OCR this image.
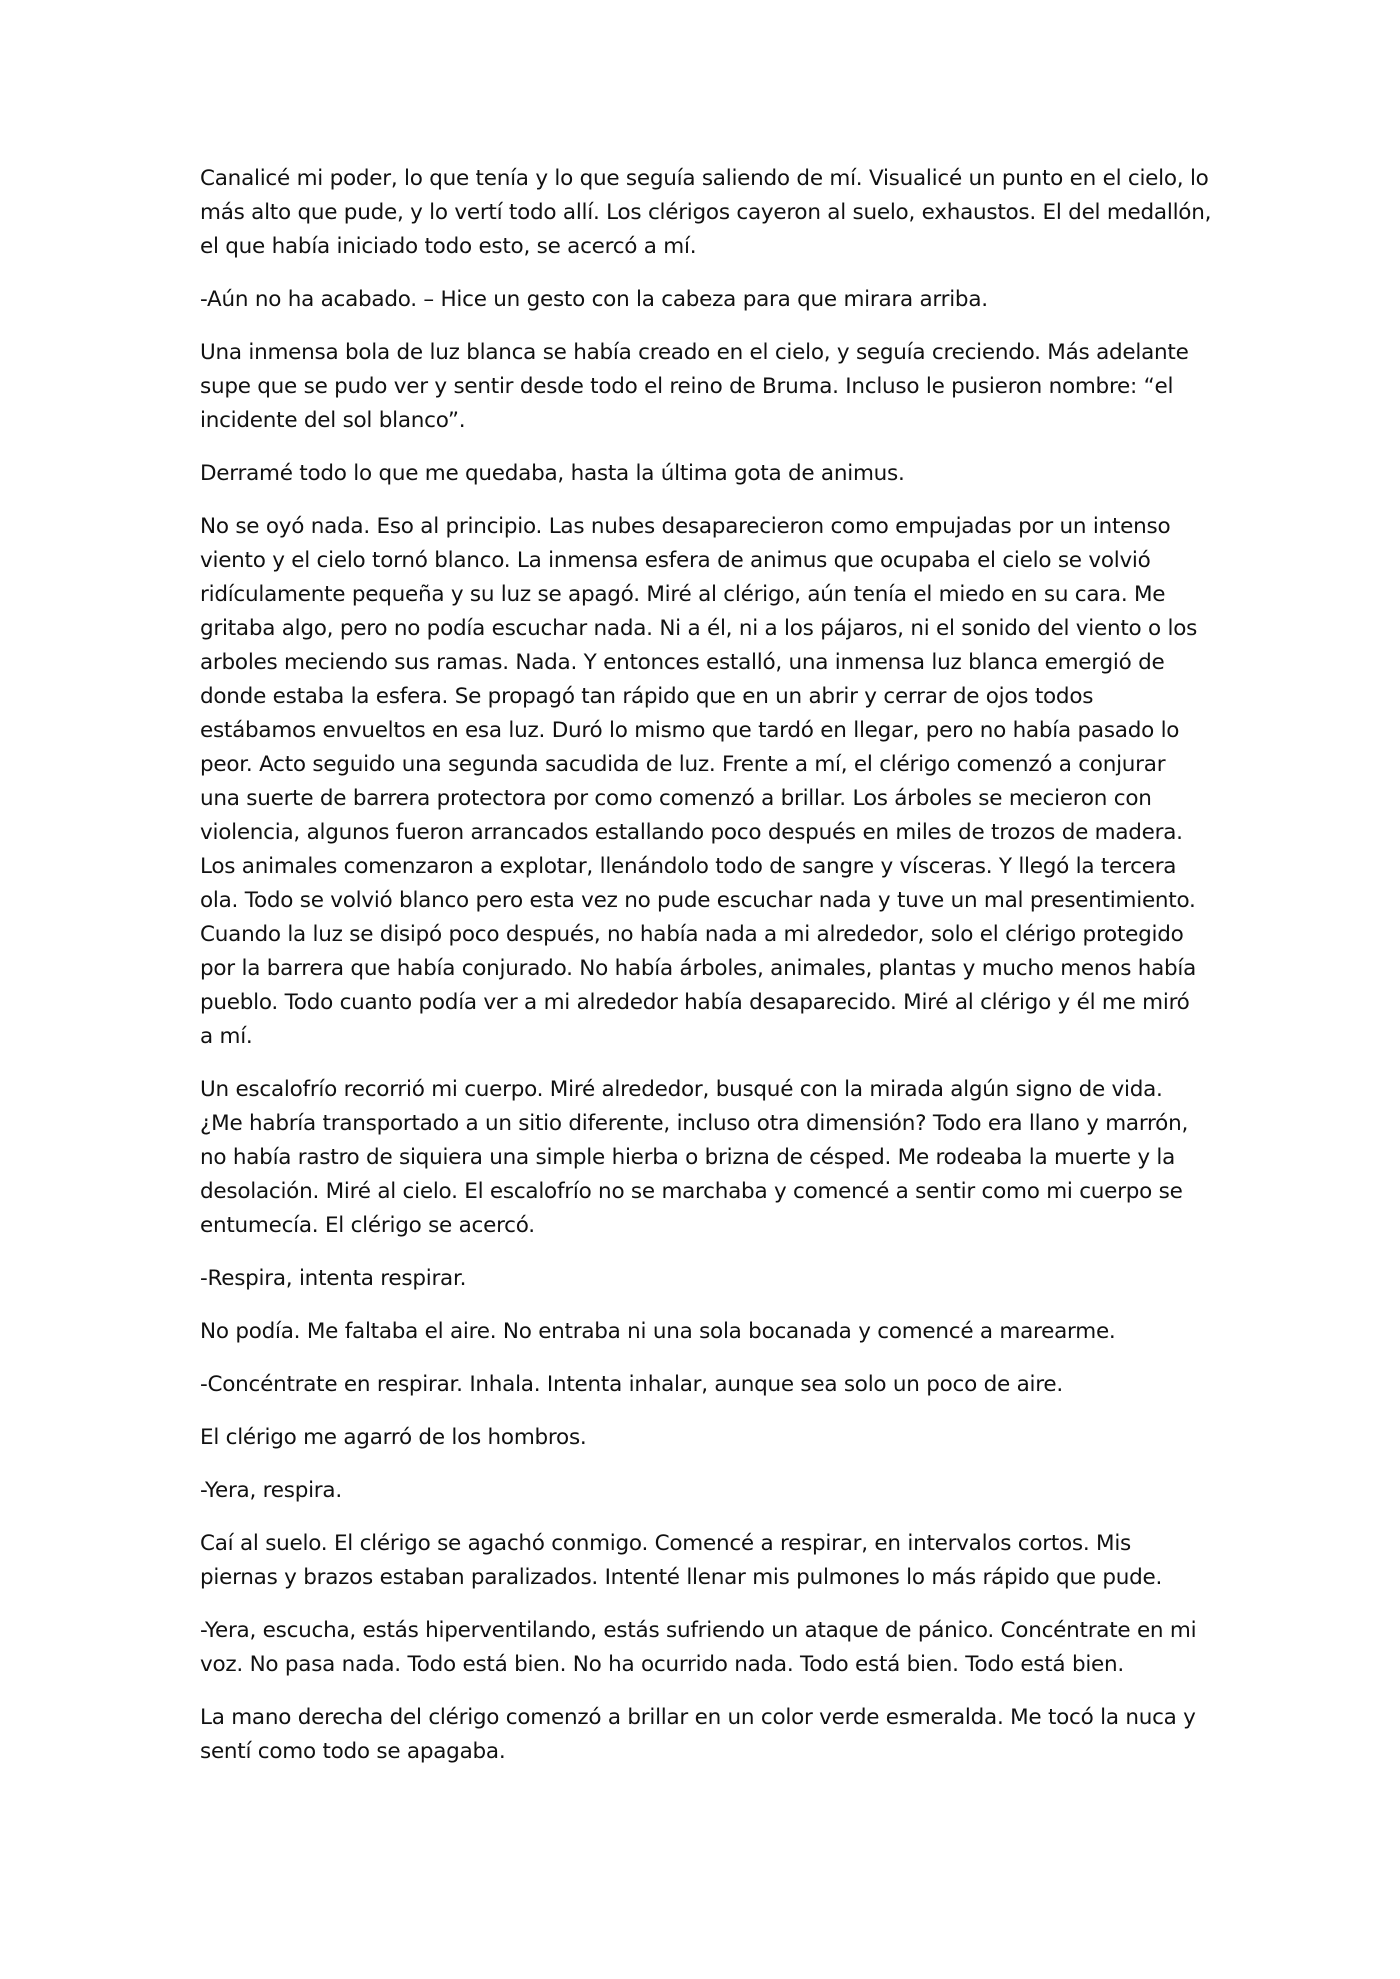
Canalicé mi poder, lo que tenía y lo que seguía saliendo de mí. Visualicé un punto en el cielo, lo
más alto que pude, y lo vertí todo allí. Los clérigos cayeron al suelo, exhaustos. El del medallón,
el que había iniciado todo esto, se acercó a mí.

-Aún no ha acabado. – Hice un gesto con la cabeza para que mirara arriba.

Una inmensa bola de luz blanca se había creado en el cielo, y seguía creciendo. Más adelante
supe que se pudo ver y sentir desde todo el reino de Bruma. Incluso le pusieron nombre: “el
incidente del sol blanco”.

Derramé todo lo que me quedaba, hasta la última gota de animus.

No se oyó nada. Eso al principio. Las nubes desaparecieron como empujadas por un intenso
viento y el cielo tornó blanco. La inmensa esfera de animus que ocupaba el cielo se volvió
ridículamente pequeña y su luz se apagó. Miré al clérigo, aún tenía el miedo en su cara. Me
gritaba algo, pero no podía escuchar nada. Ni a él, ni a los pájaros, ni el sonido del viento o los
arboles meciendo sus ramas. Nada. Y entonces estalló, una inmensa luz blanca emergió de
donde estaba la esfera. Se propagó tan rápido que en un abrir y cerrar de ojos todos
estábamos envueltos en esa luz. Duró lo mismo que tardó en llegar, pero no había pasado lo
peor. Acto seguido una segunda sacudida de luz. Frente a mí, el clérigo comenzó a conjurar
una suerte de barrera protectora por como comenzó a brillar. Los árboles se mecieron con
violencia, algunos fueron arrancados estallando poco después en miles de trozos de madera.
Los animales comenzaron a explotar, llenándolo todo de sangre y vísceras. Y llegó la tercera
ola. Todo se volvió blanco pero esta vez no pude escuchar nada y tuve un mal presentimiento.
Cuando la luz se disipó poco después, no había nada a mi alrededor, solo el clérigo protegido
por la barrera que había conjurado. No había árboles, animales, plantas y mucho menos había
pueblo. Todo cuanto podía ver a mi alrededor había desaparecido. Miré al clérigo y él me miró
a mí.

Un escalofrío recorrió mi cuerpo. Miré alrededor, busqué con la mirada algún signo de vida.
¿Me habría transportado a un sitio diferente, incluso otra dimensión? Todo era llano y marrón,
no había rastro de siquiera una simple hierba o brizna de césped. Me rodeaba la muerte y la
desolación. Miré al cielo. El escalofrío no se marchaba y comencé a sentir como mi cuerpo se
entumecía. El clérigo se acercó.

-Respira, intenta respirar.

No podía. Me faltaba el aire. No entraba ni una sola bocanada y comencé a marearme.

-Concéntrate en respirar. Inhala. Intenta inhalar, aunque sea solo un poco de aire.

El clérigo me agarró de los hombros.

-Yera, respira.

Caí al suelo. El clérigo se agachó conmigo. Comencé a respirar, en intervalos cortos. Mis
piernas y brazos estaban paralizados. Intenté llenar mis pulmones lo más rápido que pude.

-Yera, escucha, estás hiperventilando, estás sufriendo un ataque de pánico. Concéntrate en mi
voz. No pasa nada. Todo está bien. No ha ocurrido nada. Todo está bien. Todo está bien.

La mano derecha del clérigo comenzó a brillar en un color verde esmeralda. Me tocó la nuca y
sentí como todo se apagaba.
